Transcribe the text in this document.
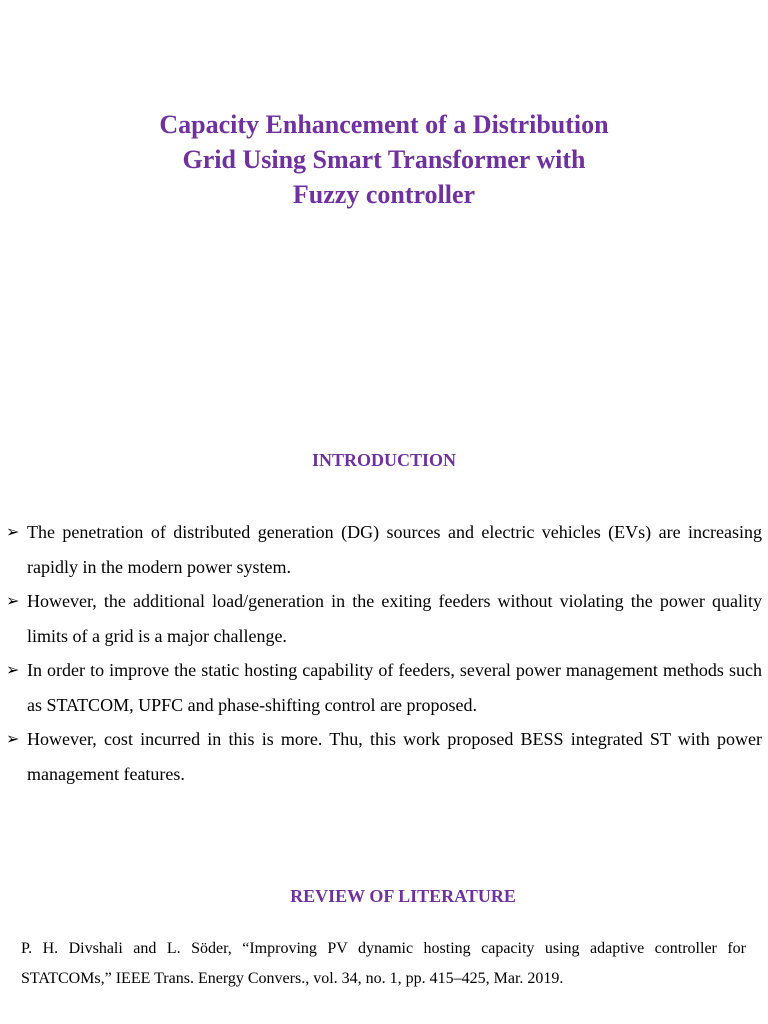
Capacity Enhancement of a Distribution
Grid Using Smart Transformer with
Fuzzy controller
INTRODUCTION
➢ The penetration of distributed generation (DG) sources and electric vehicles (EVs) are increasing rapidly in the modern power system.
➢ However, the additional load/generation in the exiting feeders without violating the power quality limits of a grid is a major challenge.
➢ In order to improve the static hosting capability of feeders, several power management methods such as STATCOM, UPFC and phase-shifting control are proposed.
➢ However, cost incurred in this is more. Thu, this work proposed BESS integrated ST with power management features.
REVIEW OF LITERATURE

P. H. Divshali and L. Söder, “Improving PV dynamic hosting capacity using adaptive controller for STATCOMs,” IEEE Trans. Energy Convers., vol. 34, no. 1, pp. 415–425, Mar. 2019.
